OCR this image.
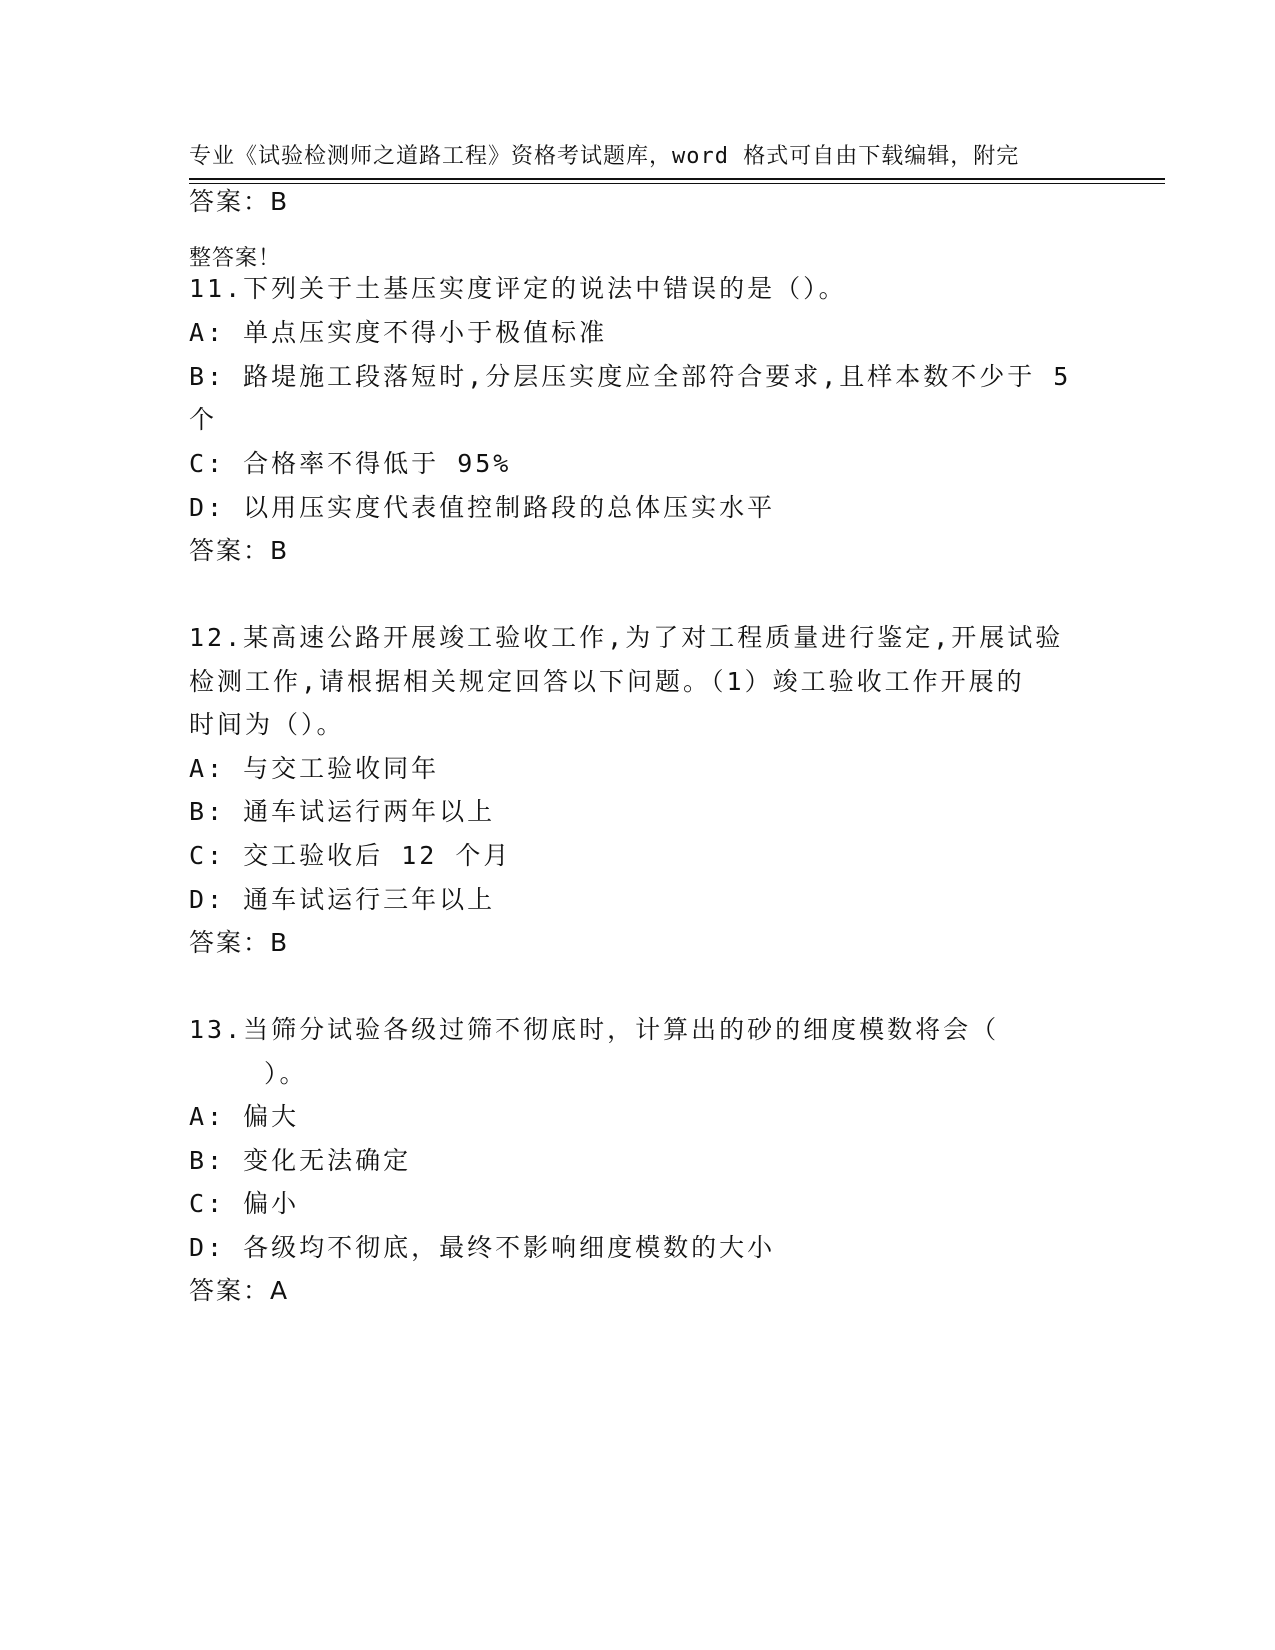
专业《试验检测师之道路工程》资格考试题库，word 格式可自由下载编辑，附完

整答案！

答案：B
11.下列关于土基压实度评定的说法中错误的是（）。
A: 单点压实度不得小于极值标准
B: 路堤施工段落短时,分层压实度应全部符合要求,且样本数不少于 5
个
C: 合格率不得低于 95%
D: 以用压实度代表值控制路段的总体压实水平
答案：B
12.某高速公路开展竣工验收工作,为了对工程质量进行鉴定,开展试验
检测工作,请根据相关规定回答以下问题。（1）竣工验收工作开展的
时间为（）。
A: 与交工验收同年
B: 通车试运行两年以上
C: 交工验收后 12 个月
D: 通车试运行三年以上
答案：B
13.当筛分试验各级过筛不彻底时，计算出的砂的细度模数将会（
）。
A: 偏大
B: 变化无法确定
C: 偏小
D: 各级均不彻底，最终不影响细度模数的大小
答案：A
